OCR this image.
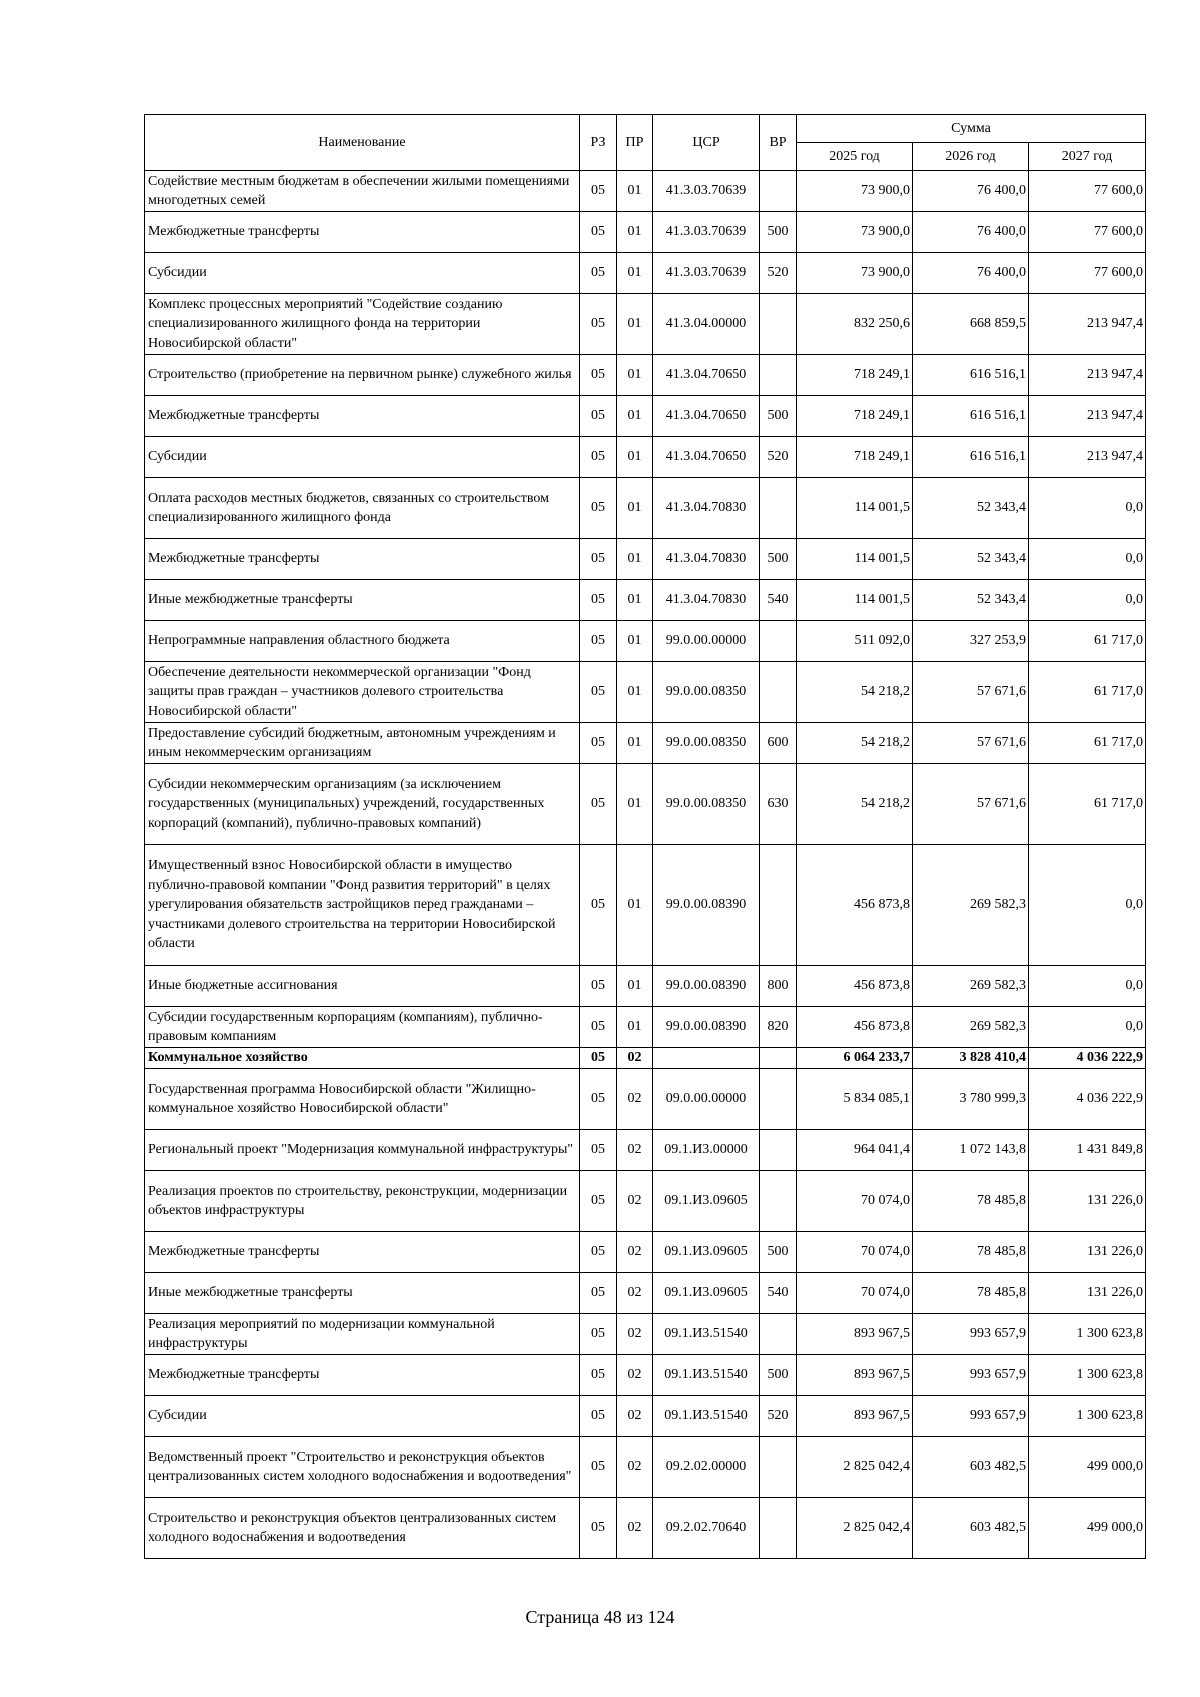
Наименование	РЗ	ПР	ЦСР	ВР	Сумма		
					2025 год	2026 год	2027 год
Содействие местным бюджетам в обеспечении жилыми помещениями многодетных семей	05	01	41.3.03.70639		73 900,0	76 400,0	77 600,0
Межбюджетные трансферты	05	01	41.3.03.70639	500	73 900,0	76 400,0	77 600,0
Субсидии	05	01	41.3.03.70639	520	73 900,0	76 400,0	77 600,0
Комплекс процессных мероприятий "Содействие созданию специализированного жилищного фонда на территории Новосибирской области"	05	01	41.3.04.00000		832 250,6	668 859,5	213 947,4
Строительство (приобретение на первичном рынке) служебного жилья	05	01	41.3.04.70650		718 249,1	616 516,1	213 947,4
Межбюджетные трансферты	05	01	41.3.04.70650	500	718 249,1	616 516,1	213 947,4
Субсидии	05	01	41.3.04.70650	520	718 249,1	616 516,1	213 947,4
Оплата расходов местных бюджетов, связанных со строительством специализированного жилищного фонда	05	01	41.3.04.70830		114 001,5	52 343,4	0,0
Межбюджетные трансферты	05	01	41.3.04.70830	500	114 001,5	52 343,4	0,0
Иные межбюджетные трансферты	05	01	41.3.04.70830	540	114 001,5	52 343,4	0,0
Непрограммные направления областного бюджета	05	01	99.0.00.00000		511 092,0	327 253,9	61 717,0
Обеспечение деятельности некоммерческой организации "Фонд защиты прав граждан – участников долевого строительства Новосибирской области"	05	01	99.0.00.08350		54 218,2	57 671,6	61 717,0
Предоставление субсидий бюджетным, автономным учреждениям и иным некоммерческим организациям	05	01	99.0.00.08350	600	54 218,2	57 671,6	61 717,0
Субсидии некоммерческим организациям (за исключением государственных (муниципальных) учреждений, государственных корпораций (компаний), публично-правовых компаний)	05	01	99.0.00.08350	630	54 218,2	57 671,6	61 717,0
Имущественный взнос Новосибирской области в имущество публично-правовой компании "Фонд развития территорий" в целях урегулирования обязательств застройщиков перед гражданами – участниками долевого строительства на территории Новосибирской области	05	01	99.0.00.08390		456 873,8	269 582,3	0,0
Иные бюджетные ассигнования	05	01	99.0.00.08390	800	456 873,8	269 582,3	0,0
Субсидии государственным корпорациям (компаниям), публично-правовым компаниям	05	01	99.0.00.08390	820	456 873,8	269 582,3	0,0
Коммунальное хозяйство	05	02			6 064 233,7	3 828 410,4	4 036 222,9
Государственная программа Новосибирской области "Жилищно-коммунальное хозяйство Новосибирской области"	05	02	09.0.00.00000		5 834 085,1	3 780 999,3	4 036 222,9
Региональный проект "Модернизация коммунальной инфраструктуры"	05	02	09.1.И3.00000		964 041,4	1 072 143,8	1 431 849,8
Реализация проектов по строительству, реконструкции, модернизации объектов инфраструктуры	05	02	09.1.И3.09605		70 074,0	78 485,8	131 226,0
Межбюджетные трансферты	05	02	09.1.И3.09605	500	70 074,0	78 485,8	131 226,0
Иные межбюджетные трансферты	05	02	09.1.И3.09605	540	70 074,0	78 485,8	131 226,0
Реализация мероприятий по модернизации коммунальной инфраструктуры	05	02	09.1.И3.51540		893 967,5	993 657,9	1 300 623,8
Межбюджетные трансферты	05	02	09.1.И3.51540	500	893 967,5	993 657,9	1 300 623,8
Субсидии	05	02	09.1.И3.51540	520	893 967,5	993 657,9	1 300 623,8
Ведомственный проект "Строительство и реконструкция объектов централизованных систем холодного водоснабжения и водоотведения"	05	02	09.2.02.00000		2 825 042,4	603 482,5	499 000,0
Строительство и реконструкция объектов централизованных систем холодного водоснабжения и водоотведения	05	02	09.2.02.70640		2 825 042,4	603 482,5	499 000,0
Страница 48 из 124
